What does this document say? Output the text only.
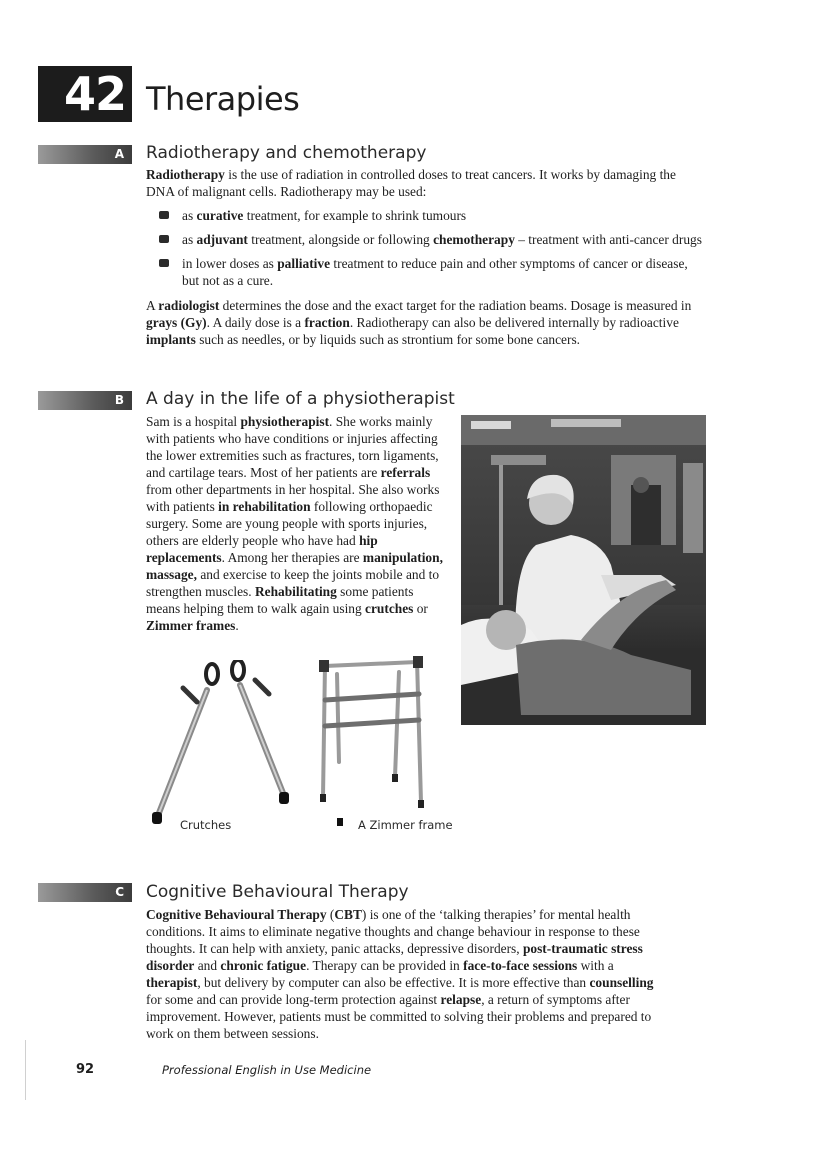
42 Therapies
A	Radiotherapy and chemotherapy

Radiotherapy is the use of radiation in controlled doses to treat cancers. It works by damaging the DNA of malignant cells. Radiotherapy may be used:

as curative treatment, for example to shrink tumours
as adjuvant treatment, alongside or following chemotherapy – treatment with anti-cancer drugs
in lower doses as palliative treatment to reduce pain and other symptoms of cancer or disease, but not as a cure.

A radiologist determines the dose and the exact target for the radiation beams. Dosage is measured in grays (Gy). A daily dose is a fraction. Radiotherapy can also be delivered internally by radioactive implants such as needles, or by liquids such as strontium for some bone cancers.

B	A day in the life of a physiotherapist

Sam is a hospital physiotherapist. She works mainly with patients who have conditions or injuries affecting the lower extremities such as fractures, torn ligaments, and cartilage tears. Most of her patients are referrals from other departments in her hospital. She also works with patients in rehabilitation following orthopaedic surgery. Some are young people with sports injuries, others are elderly people who have had hip replacements. Among her therapies are manipulation, massage, and exercise to keep the joints mobile and to strengthen muscles. Rehabilitating some patients means helping them to walk again using crutches or Zimmer frames.

Crutches	A Zimmer frame
C	Cognitive Behavioural Therapy

Cognitive Behavioural Therapy (CBT) is one of the ‘talking therapies’ for mental health conditions. It aims to eliminate negative thoughts and change behaviour in response to these thoughts. It can help with anxiety, panic attacks, depressive disorders, post-traumatic stress disorder and chronic fatigue. Therapy can be provided in face-to-face sessions with a therapist, but delivery by computer can also be effective. It is more effective than counselling for some and can provide long-term protection against relapse, a return of symptoms after improvement. However, patients must be committed to solving their problems and prepared to work on them between sessions.

92	Professional English in Use Medicine
